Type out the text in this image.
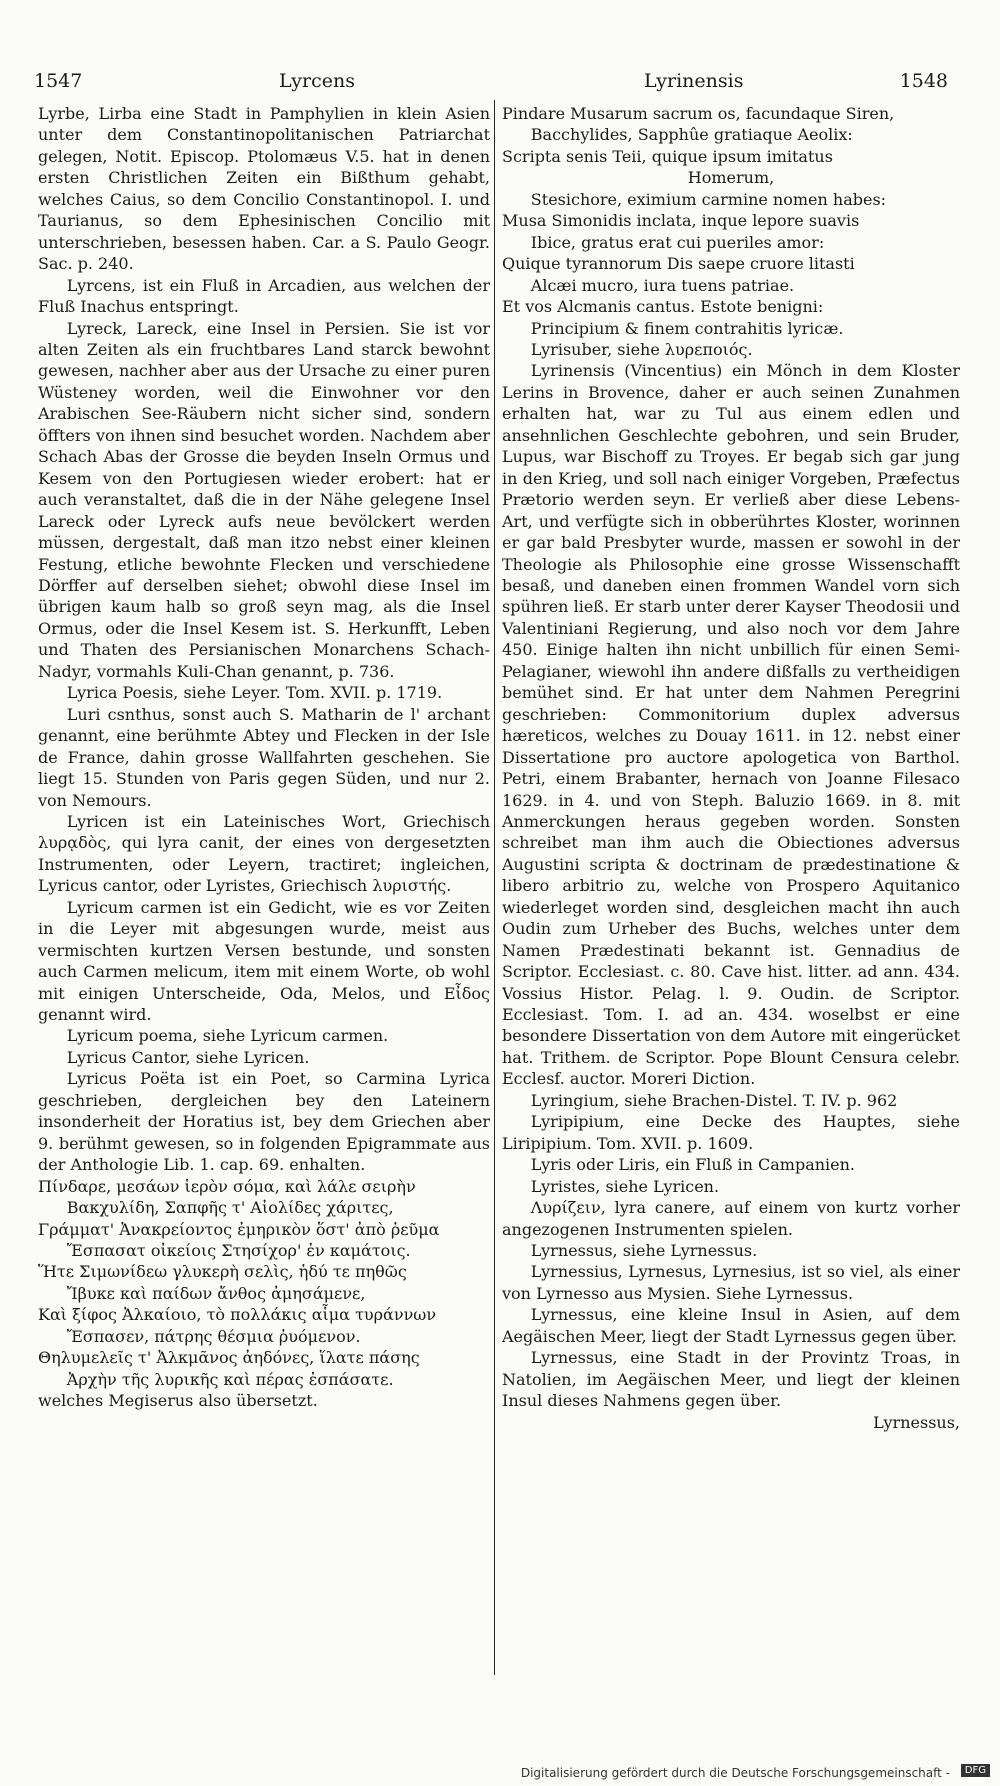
1547	Lyrcens	Lyrinensis	1548

Lyrbe, Lirba eine Stadt in Pamphylien in klein Asien unter dem Constantinopolitanischen Patriarchat gelegen, Notit. Episcop. Ptolomæus V.5. hat in denen ersten Christlichen Zeiten ein Bißthum gehabt, welches Caius, so dem Concilio Constantinopol. I. und Taurianus, so dem Ephesinischen Concilio mit unterschrieben, besessen haben. Car. a S. Paulo Geogr. Sac. p. 240.

Lyrcens, ist ein Fluß in Arcadien, aus welchen der Fluß Inachus entspringt.

Lyreck, Lareck, eine Insel in Persien. Sie ist vor alten Zeiten als ein fruchtbares Land starck bewohnt gewesen, nachher aber aus der Ursache zu einer puren Wüsteney worden, weil die Einwohner vor den Arabischen See-Räubern nicht sicher sind, sondern öffters von ihnen sind besuchet worden. Nachdem aber Schach Abas der Grosse die beyden Inseln Ormus und Kesem von den Portugiesen wieder erobert: hat er auch veranstaltet, daß die in der Nähe gelegene Insel Lareck oder Lyreck aufs neue bevölckert werden müssen, dergestalt, daß man itzo nebst einer kleinen Festung, etliche bewohnte Flecken und verschiedene Dörffer auf derselben siehet; obwohl diese Insel im übrigen kaum halb so groß seyn mag, als die Insel Ormus, oder die Insel Kesem ist. S. Herkunfft, Leben und Thaten des Persianischen Monarchens Schach-Nadyr, vormahls Kuli-Chan genannt, p. 736.

Lyrica Poesis, siehe Leyer. Tom. XVII. p. 1719.

Luri csnthus, sonst auch S. Matharin de l' archant genannt, eine berühmte Abtey und Flecken in der Isle de France, dahin grosse Wallfahrten geschehen. Sie liegt 15. Stunden von Paris gegen Süden, und nur 2. von Nemours.

Lyricen ist ein Lateinisches Wort, Griechisch λυρᾳδὸς, qui lyra canit, der eines von dergesetzten Instrumenten, oder Leyern, tractiret; ingleichen, Lyricus cantor, oder Lyristes, Griechisch λυριστής.

Lyricum carmen ist ein Gedicht, wie es vor Zeiten in die Leyer mit abgesungen wurde, meist aus vermischten kurtzen Versen bestunde, und sonsten auch Carmen melicum, item mit einem Worte, ob wohl mit einigen Unterscheide, Oda, Melos, und Εἶδος genannt wird.

Lyricum poema, siehe Lyricum carmen.

Lyricus Cantor, siehe Lyricen.

Lyricus Poëta ist ein Poet, so Carmina Lyrica geschrieben, dergleichen bey den Lateinern insonderheit der Horatius ist, bey dem Griechen aber 9. berühmt gewesen, so in folgenden Epigrammate aus der Anthologie Lib. 1. cap. 69. enhalten.

Πίνδαρε, μεσάων ἱερὸν σόμα, καὶ λάλε σειρὴν

Βακχυλίδη, Σαπφῆς τ' Αἰολίδες χάριτες,

Γράμματ' Ἀνακρείοντος ἐμηρικὸν ὅστ' ἀπὸ ῥεῦμα

Ἔσπασατ οἰκείοις Στησίχορ' ἐν καμάτοις.

Ἥτε Σιμωνίδεω γλυκερὴ σελὶς, ἡδύ τε πηθῶς

Ἴβυκε καὶ παίδων ἄνθος ἀμησάμενε,

Καὶ ξίφος Ἀλκαίοιο, τὸ πολλάκις αἷμα τυράννων

Ἔσπασεν, πάτρης θέσμια ῥυόμενον.

Θηλυμελεῖς τ' Ἀλκμᾶνος ἀηδόνες, ἵλατε πάσης

Ἀρχὴν τῆς λυρικῆς καὶ πέρας ἑσπάσατε.

welches Megiserus also übersetzt.

Pindare Musarum sacrum os, facundaque Siren,

Bacchylides, Sapphûe gratiaque Aeolix:

Scripta senis Teii, quique ipsum imitatus

Homerum,

Stesichore, eximium carmine nomen habes:

Musa Simonidis inclata, inque lepore suavis

Ibice, gratus erat cui pueriles amor:

Quique tyrannorum Dis saepe cruore litasti

Alcæi mucro, iura tuens patriae.

Et vos Alcmanis cantus. Estote benigni:

Principium & finem contrahitis lyricæ.

Lyrisuber, siehe λυρεποιός.

Lyrinensis (Vincentius) ein Mönch in dem Kloster Lerins in Brovence, daher er auch seinen Zunahmen erhalten hat, war zu Tul aus einem edlen und ansehnlichen Geschlechte gebohren, und sein Bruder, Lupus, war Bischoff zu Troyes. Er begab sich gar jung in den Krieg, und soll nach einiger Vorgeben, Præfectus Prætorio werden seyn. Er verließ aber diese Lebens-Art, und verfügte sich in obberührtes Kloster, worinnen er gar bald Presbyter wurde, massen er sowohl in der Theologie als Philosophie eine grosse Wissenschafft besaß, und daneben einen frommen Wandel vorn sich spühren ließ. Er starb unter derer Kayser Theodosii und Valentiniani Regierung, und also noch vor dem Jahre 450. Einige halten ihn nicht unbillich für einen Semi-Pelagianer, wiewohl ihn andere dißfalls zu vertheidigen bemühet sind. Er hat unter dem Nahmen Peregrini geschrieben: Commonitorium duplex adversus hæreticos, welches zu Douay 1611. in 12. nebst einer Dissertatione pro auctore apologetica von Barthol. Petri, einem Brabanter, hernach von Joanne Filesaco 1629. in 4. und von Steph. Baluzio 1669. in 8. mit Anmerckungen heraus gegeben worden. Sonsten schreibet man ihm auch die Obiectiones adversus Augustini scripta & doctrinam de prædestinatione & libero arbitrio zu, welche von Prospero Aquitanico wiederleget worden sind, desgleichen macht ihn auch Oudin zum Urheber des Buchs, welches unter dem Namen Prædestinati bekannt ist. Gennadius de Scriptor. Ecclesiast. c. 80. Cave hist. litter. ad ann. 434. Vossius Histor. Pelag. l. 9. Oudin. de Scriptor. Ecclesiast. Tom. I. ad an. 434. woselbst er eine besondere Dissertation von dem Autore mit eingerücket hat. Trithem. de Scriptor. Pope Blount Censura celebr. Ecclesf. auctor. Moreri Diction.

Lyringium, siehe Brachen-Distel. T. IV. p. 962

Lyripipium, eine Decke des Hauptes, siehe Liripipium. Tom. XVII. p. 1609.

Lyris oder Liris, ein Fluß in Campanien.

Lyristes, siehe Lyricen.

Λυρίζειν, lyra canere, auf einem von kurtz vorher angezogenen Instrumenten spielen.

Lyrnessus, siehe Lyrnessus.

Lyrnessius, Lyrnesus, Lyrnesius, ist so viel, als einer von Lyrnesso aus Mysien. Siehe Lyrnessus.

Lyrnessus, eine kleine Insul in Asien, auf dem Aegäischen Meer, liegt der Stadt Lyrnessus gegen über.

Lyrnessus, eine Stadt in der Provintz Troas, in Natolien, im Aegäischen Meer, und liegt der kleinen Insul dieses Nahmens gegen über.

Lyrnessus,

Digitalisierung gefördert durch die Deutsche Forschungsgemeinschaft -	DFG
